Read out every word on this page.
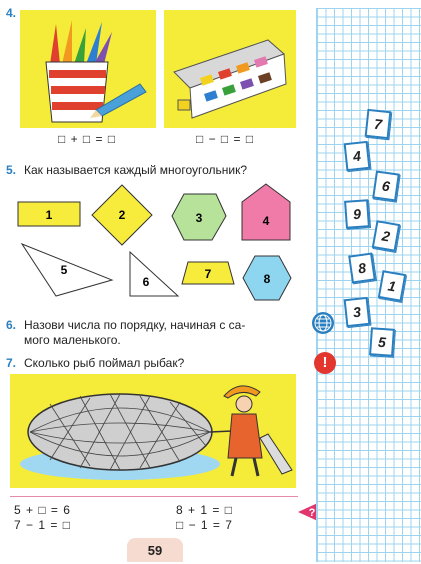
4.
□ + □ = □	□ − □ = □
5. Как называется каждый многоугольник?
1	2	3	4
5
6
7	8
6. Назови числа по порядку, начиная с са-
мого маленького.
7. Сколько рыб поймал рыбак?
5 + □ = 6
7 − 1 = □
8 + 1 = □
□ − 1 = 7
?
59
7
4
6
9
2
8
1
3
5
!
